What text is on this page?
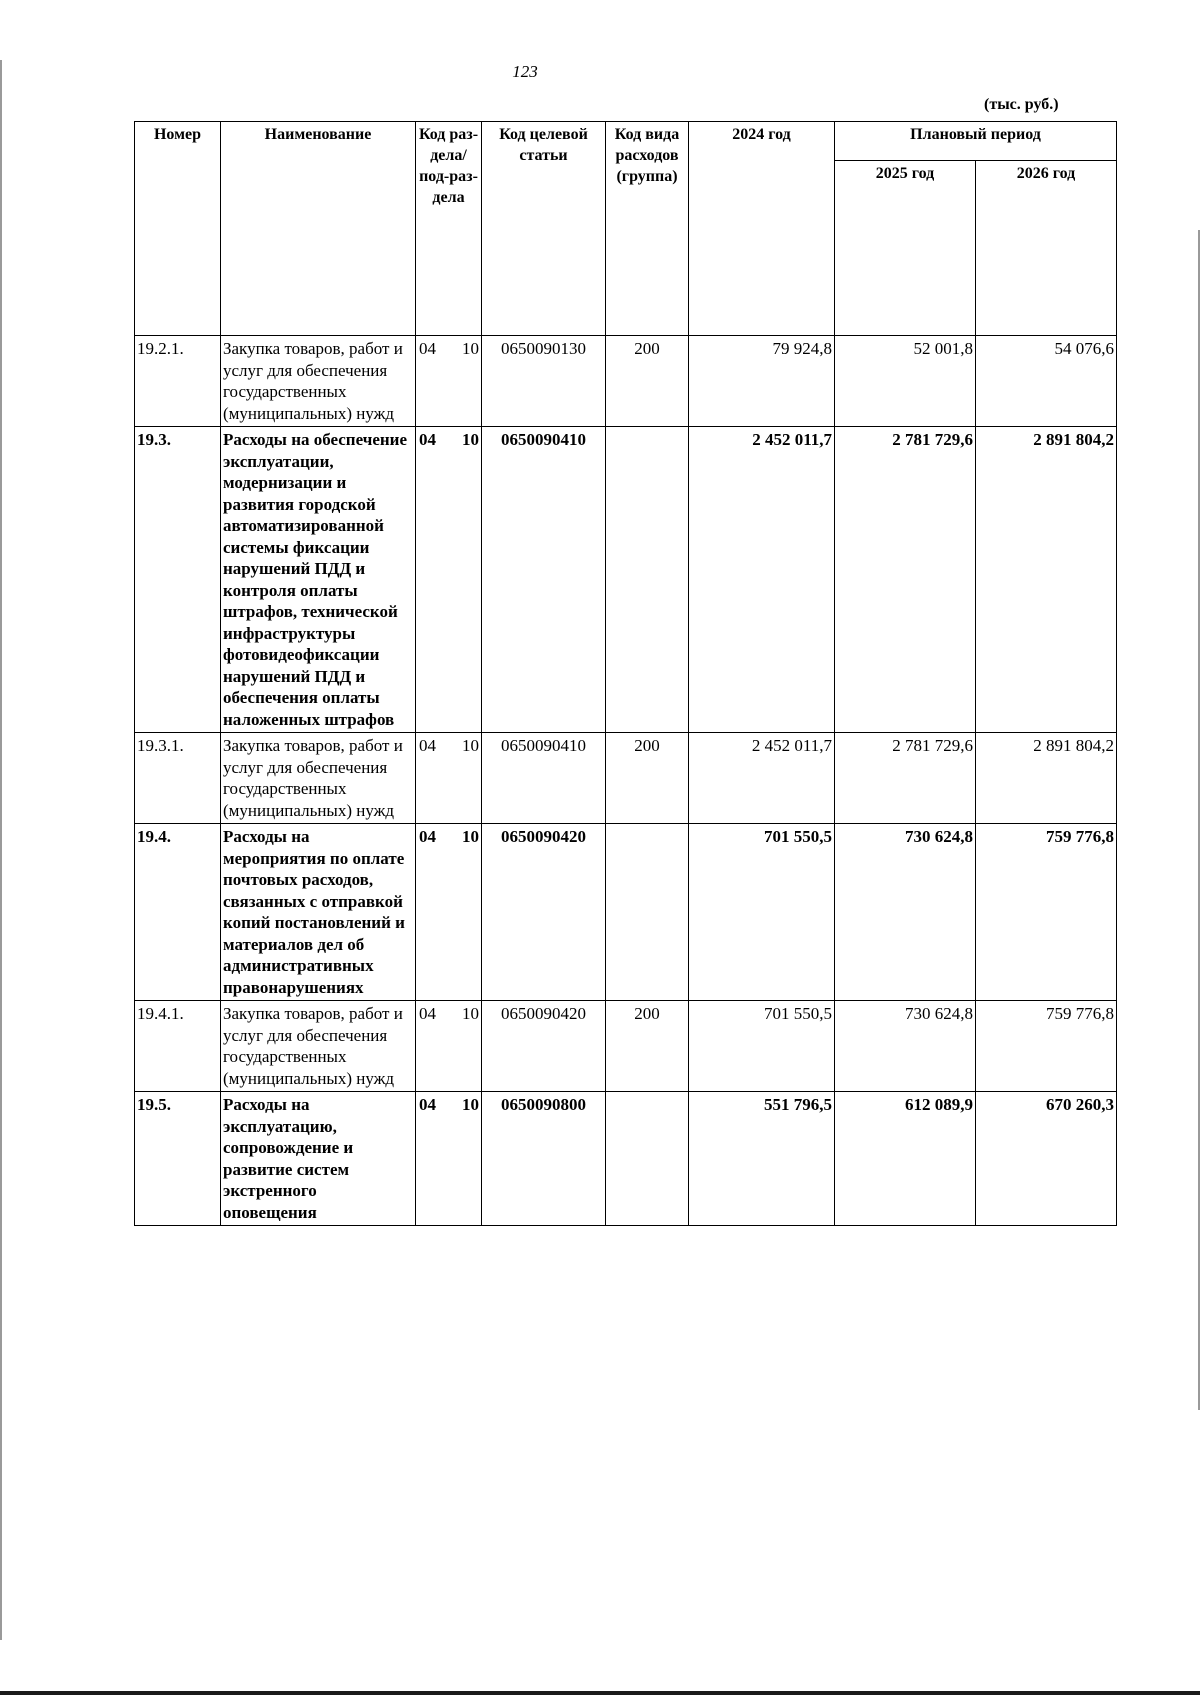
123
(тыс. руб.)
Номер	Наименование	Код раз-дела/ под-раз-дела	Код целевой статьи	Код вида расходов (группа)	2024 год	Плановый период	
						2025 год	2026 год
19.2.1.	Закупка товаров, работ и услуг для обеспечения государственных (муниципальных) нужд	04 10	0650090130	200	79 924,8	52 001,8	54 076,6
19.3.	Расходы на обеспечение эксплуатации, модернизации и развития городской автоматизированной системы фиксации нарушений ПДД и контроля оплаты штрафов, технической инфраструктуры фотовидеофиксации нарушений ПДД и обеспечения оплаты наложенных штрафов	04 10	0650090410		2 452 011,7	2 781 729,6	2 891 804,2
19.3.1.	Закупка товаров, работ и услуг для обеспечения государственных (муниципальных) нужд	04 10	0650090410	200	2 452 011,7	2 781 729,6	2 891 804,2
19.4.	Расходы на мероприятия по оплате почтовых расходов, связанных с отправкой копий постановлений и материалов дел об административных правонарушениях	04 10	0650090420		701 550,5	730 624,8	759 776,8
19.4.1.	Закупка товаров, работ и услуг для обеспечения государственных (муниципальных) нужд	04 10	0650090420	200	701 550,5	730 624,8	759 776,8
19.5.	Расходы на эксплуатацию, сопровождение и развитие систем экстренного оповещения	04 10	0650090800		551 796,5	612 089,9	670 260,3
